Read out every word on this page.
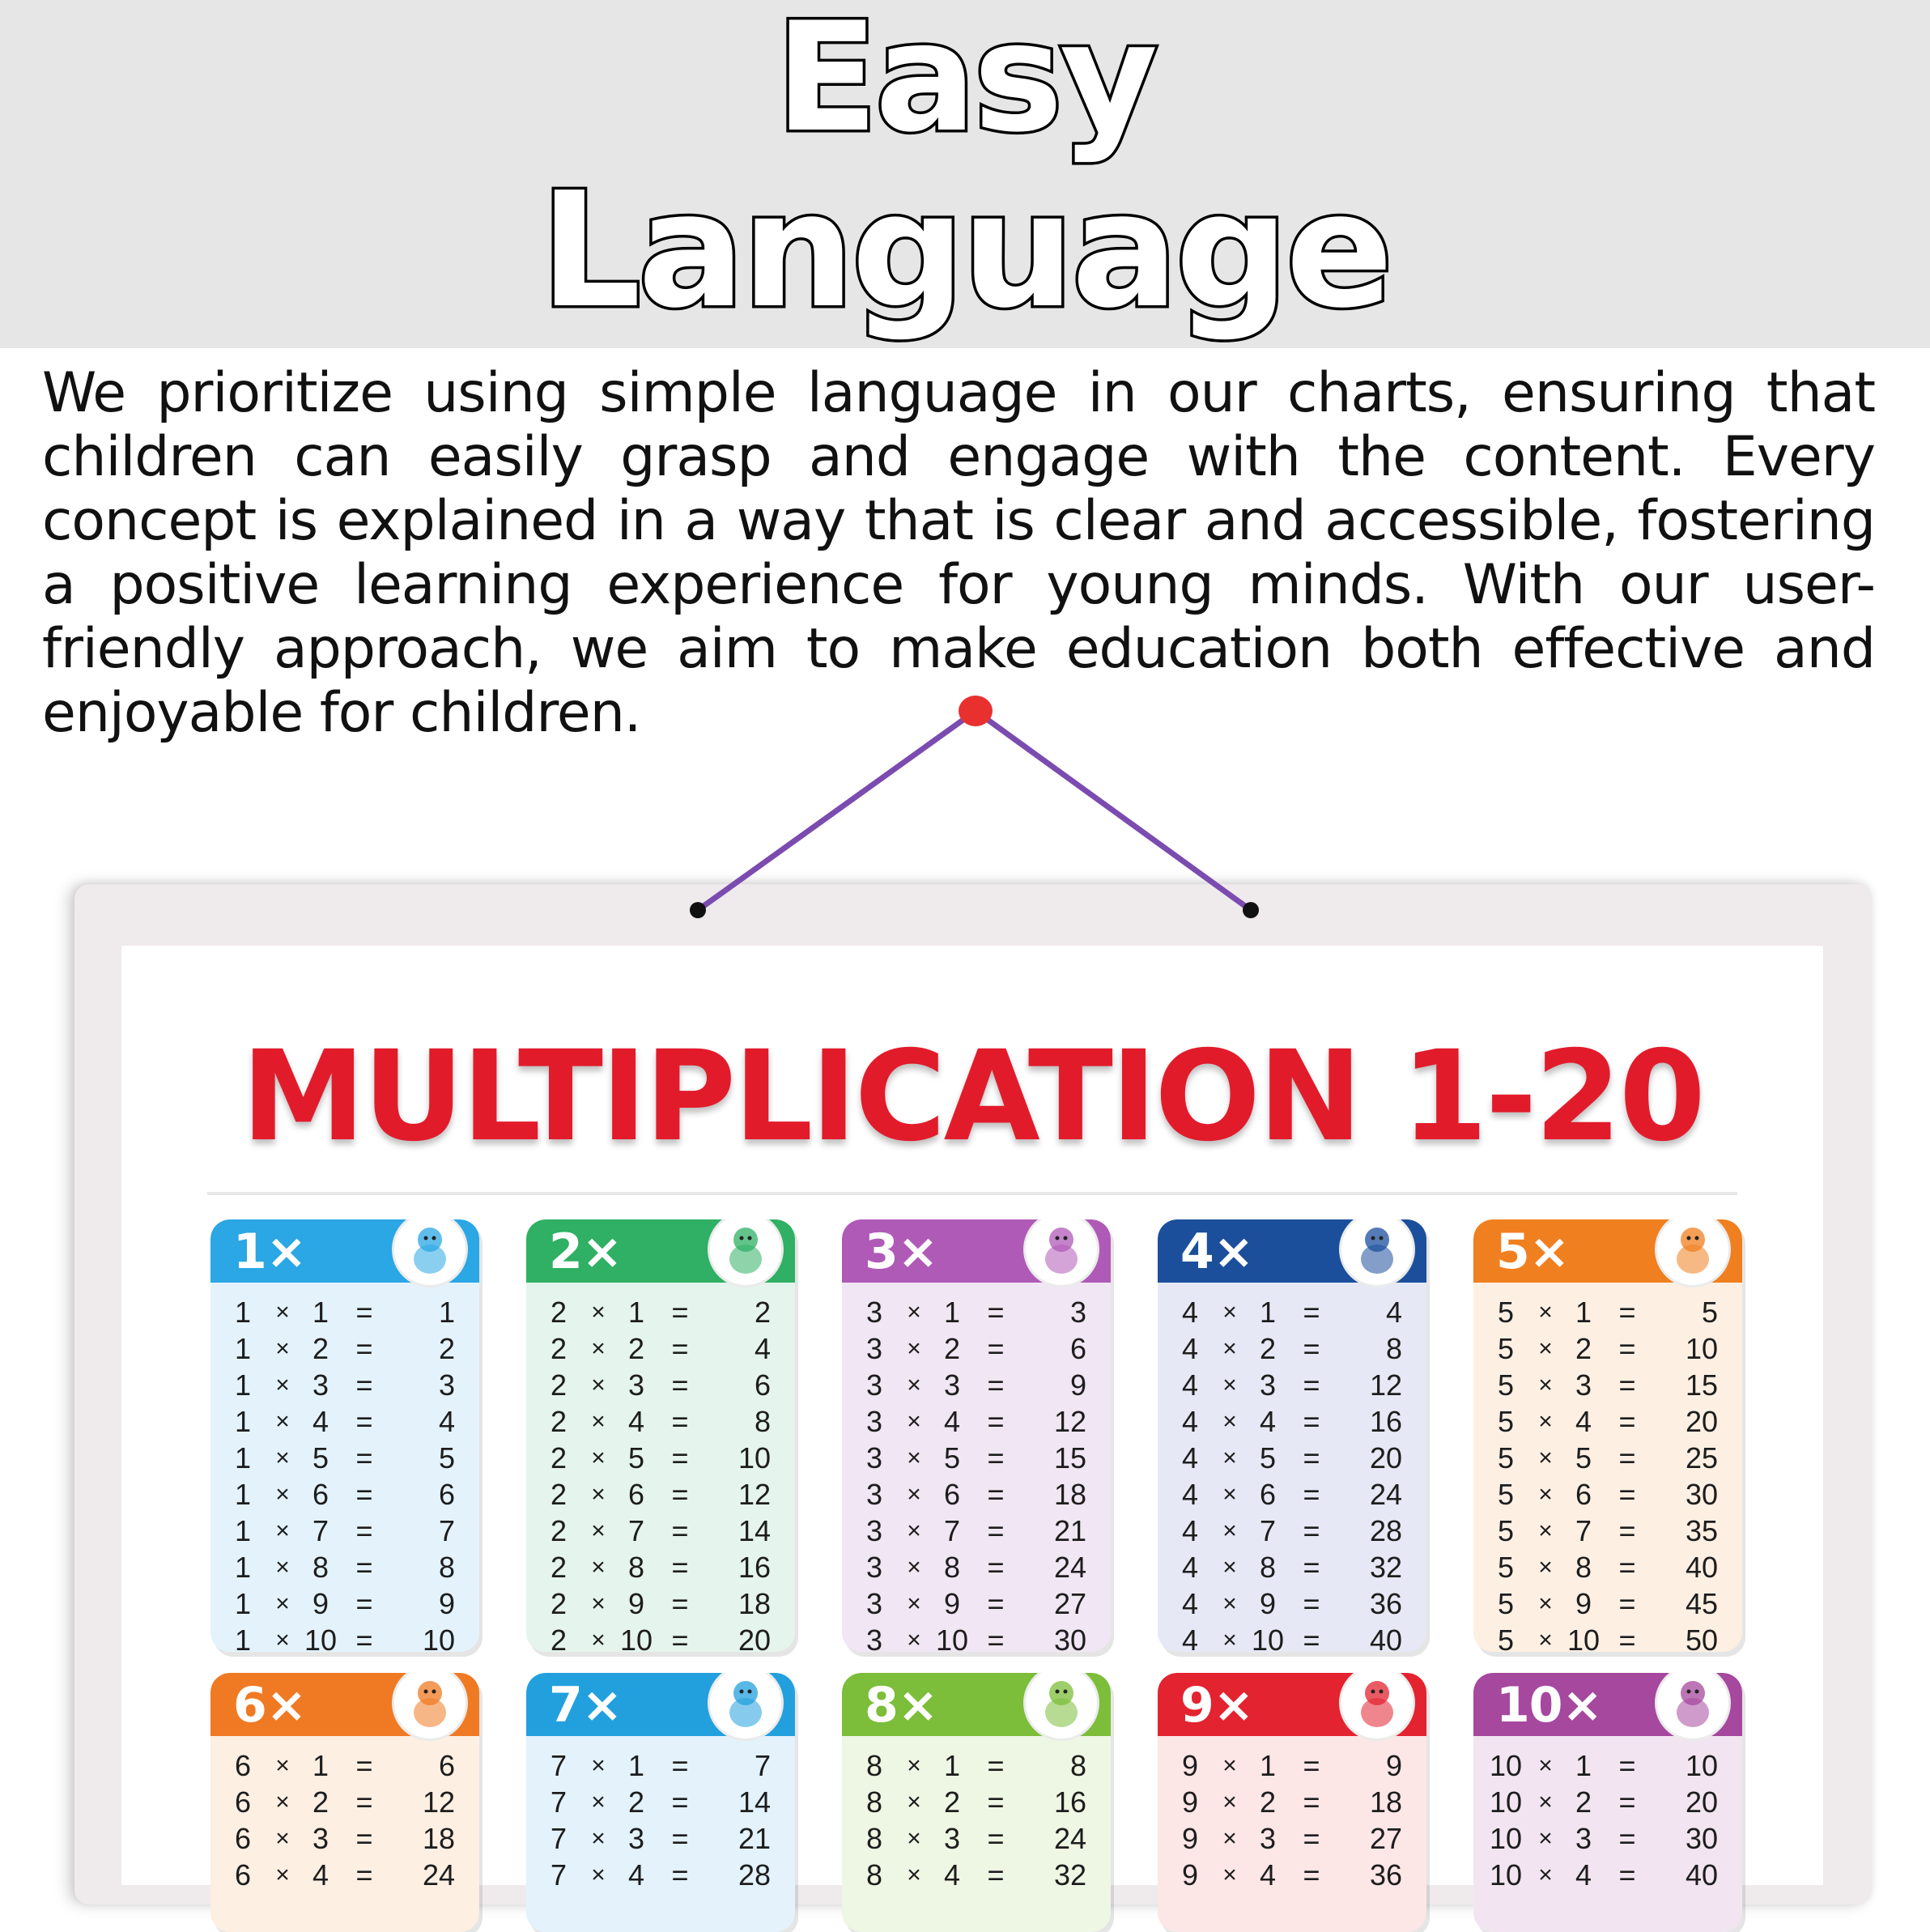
Easy
Language

We prioritize using simple language in our charts, ensuring that children can easily grasp and engage with the content. Every concept is explained in a way that is clear and accessible, fostering a positive learning experience for young minds. With our user-friendly approach, we aim to make education both effective and enjoyable for children.

MULTIPLICATION 1-20
1×
1	× 1 =	1
1	× 2 =	2
1	× 3 =	3
1	× 4 =	4
1	× 5 =	5
1	× 6 =	6
1	× 7 =	7
1	× 8 =	8
1	× 9 =	9
1	× 10 =	10
2×
2	× 1 =	2
2	× 2 =	4
2	× 3 =	6
2	× 4 =	8
2	× 5 =	10
2	× 6 =	12
2	× 7 =	14
2	× 8 =	16
2	× 9 =	18
2	× 10 =	20
3×
3	× 1 =	3
3	× 2 =	6
3	× 3 =	9
3	× 4 =	12
3	× 5 =	15
3	× 6 =	18
3	× 7 =	21
3	× 8 =	24
3	× 9 =	27
3	× 10 =	30
4×
4	× 1 =	4
4	× 2 =	8
4	× 3 =	12
4	× 4 =	16
4	× 5 =	20
4	× 6 =	24
4	× 7 =	28
4	× 8 =	32
4	× 9 =	36
4	× 10 =	40
5×
5	× 1 =	5
5	× 2 =	10
5	× 3 =	15
5	× 4 =	20
5	× 5 =	25
5	× 6 =	30
5	× 7 =	35
5	× 8 =	40
5	× 9 =	45
5	× 10 =	50
6×
6	× 1 =	6
6	× 2 =	12
6	× 3 =	18
6	× 4 =	24
7×
7	× 1 =	7
7	× 2 =	14
7	× 3 =	21
7	× 4 =	28
8×
8	× 1 =	8
8	× 2 =	16
8	× 3 =	24
8	× 4 =	32
9×
9	× 1 =	9
9	× 2 =	18
9	× 3 =	27
9	× 4 =	36
10×
10 × 1 =	10
10 × 2 =	20
10 × 3 =	30
10 × 4 =	40
